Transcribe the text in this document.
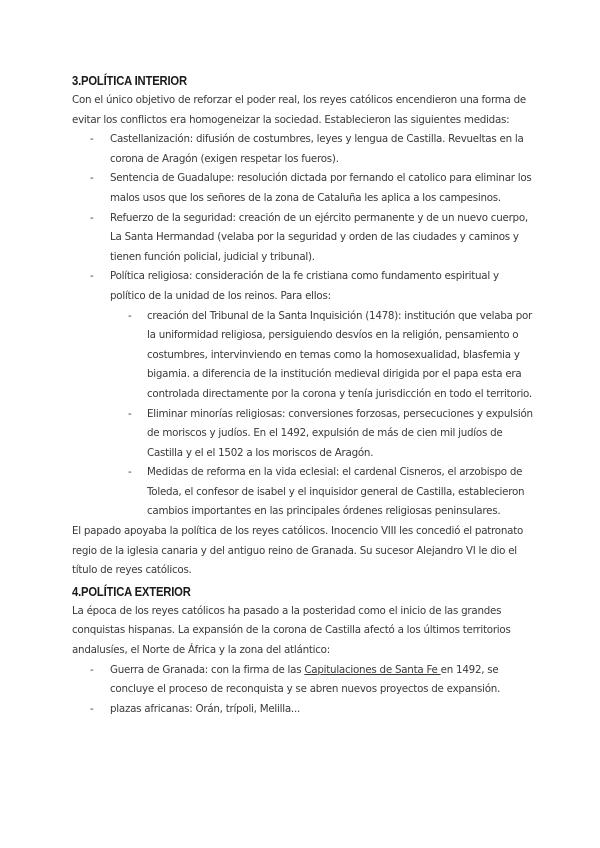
3.POLÍTICA INTERIOR

Con el único objetivo de reforzar el poder real, los reyes católicos encendieron una forma de evitar los conflictos era homogeneizar la sociedad. Establecieron las siguientes medidas:

- Castellanización: difusión de costumbres, leyes y lengua de Castilla. Revueltas en la corona de Aragón (exigen respetar los fueros).
- Sentencia de Guadalupe: resolución dictada por fernando el catolico para eliminar los malos usos que los señores de la zona de Cataluña les aplica a los campesinos.
- Refuerzo de la seguridad: creación de un ejército permanente y de un nuevo cuerpo, La Santa Hermandad (velaba por la seguridad y orden de las ciudades y caminos y tienen función policial, judicial y tribunal).
- Política religiosa: consideración de la fe cristiana como fundamento espiritual y político de la unidad de los reinos. Para ellos:
- creación del Tribunal de la Santa Inquisición (1478): institución que velaba por la uniformidad religiosa, persiguiendo desvíos en la religión, pensamiento o costumbres, intervinviendo en temas como la homosexualidad, blasfemia y bigamia. a diferencia de la institución medieval dirigida por el papa esta era controlada directamente por la corona y tenía jurisdicción en todo el territorio.
- Eliminar minorías religiosas: conversiones forzosas, persecuciones y expulsión de moriscos y judíos. En el 1492, expulsión de más de cien mil judíos de Castilla y el el 1502 a los moriscos de Aragón.
- Medidas de reforma en la vida eclesial: el cardenal Cisneros, el arzobispo de Toleda, el confesor de isabel y el inquisidor general de Castilla, establecieron cambios importantes en las principales órdenes religiosas peninsulares.

El papado apoyaba la política de los reyes católicos. Inocencio VIII les concedió el patronato regio de la iglesia canaria y del antiguo reino de Granada. Su sucesor Alejandro VI le dio el título de reyes católicos.

4.POLÍTICA EXTERIOR

La época de los reyes católicos ha pasado a la posteridad como el inicio de las grandes conquistas hispanas. La expansión de la corona de Castilla afectó a los últimos territorios andalusíes, el Norte de África y la zona del atlántico:

- Guerra de Granada: con la firma de las Capitulaciones de Santa Fe en 1492, se concluye el proceso de reconquista y se abren nuevos proyectos de expansión.
- plazas africanas: Orán, trípoli, Melilla...
